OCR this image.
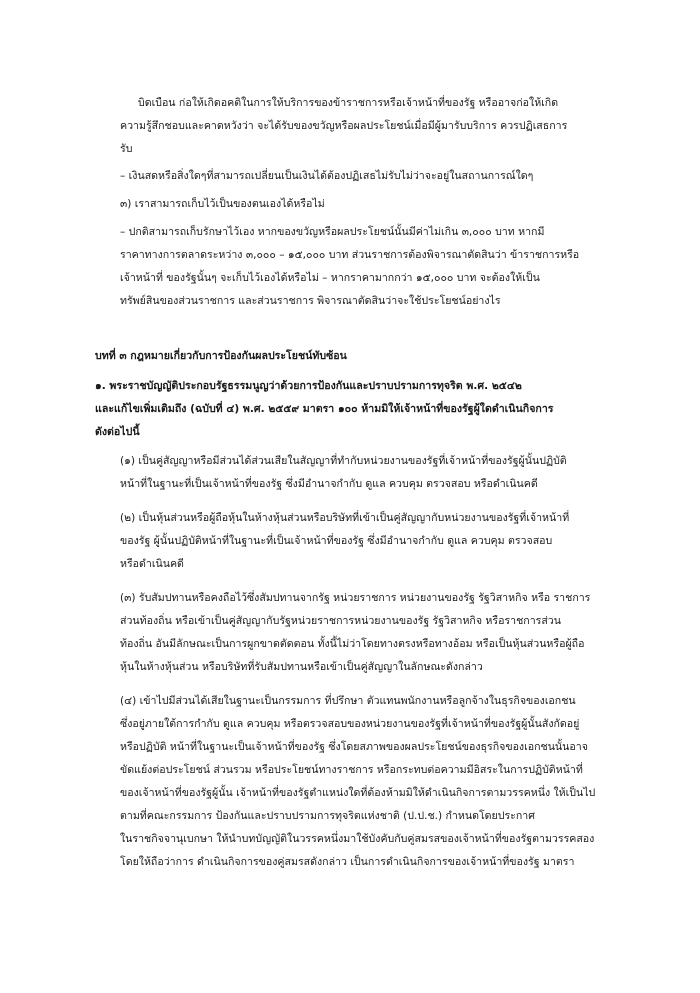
บิดเบือน ก่อให้เกิดอคติในการให้บริการของข้าราชการหรือเจ้าหน้าที่ของรัฐ หรืออาจก่อให้เกิด
ความรู้สึกชอบและคาดหวังว่า จะได้รับของขวัญหรือผลประโยชน์เมื่อมีผู้มารับบริการ ควรปฏิเสธการ
รับ
– เงินสดหรือสิ่งใดๆที่สามารถเปลี่ยนเป็นเงินได้ต้องปฏิเสธไม่รับไม่ว่าจะอยู่ในสถานการณ์ใดๆ
๓) เราสามารถเก็บไว้เป็นของตนเองได้หรือไม่
– ปกติสามารถเก็บรักษาไว้เอง หากของขวัญหรือผลประโยชน์นั้นมีค่าไม่เกิน ๓,๐๐๐ บาท หากมี
ราคาทางการตลาดระหว่าง ๓,๐๐๐ – ๑๕,๐๐๐ บาท ส่วนราชการต้องพิจารณาตัดสินว่า ข้าราชการหรือ
เจ้าหน้าที่ ของรัฐนั้นๆ จะเก็บไว้เองได้หรือไม่ – หากราคามากกว่า ๑๕,๐๐๐ บาท จะต้องให้เป็น
ทรัพย์สินของส่วนราชการ และส่วนราชการ พิจารณาตัดสินว่าจะใช้ประโยชน์อย่างไร
บทที่ ๓ กฎหมายเกี่ยวกับการป้องกันผลประโยชน์ทับซ้อน
๑. พระราชบัญญัติประกอบรัฐธรรมนูญว่าด้วยการป้องกันและปราบปรามการทุจริต พ.ศ. ๒๕๔๒
และแก้ไขเพิ่มเติมถึง (ฉบับที่ ๔) พ.ศ. ๒๕๕๙ มาตรา ๑๐๐ ห้ามมิให้เจ้าหน้าที่ของรัฐผู้ใดดำเนินกิจการ
ดังต่อไปนี้
(๑) เป็นคู่สัญญาหรือมีส่วนได้ส่วนเสียในสัญญาที่ทำกับหน่วยงานของรัฐที่เจ้าหน้าที่ของรัฐผู้นั้นปฏิบัติ
หน้าที่ในฐานะที่เป็นเจ้าหน้าที่ของรัฐ ซึ่งมีอำนาจกำกับ ดูแล ควบคุม ตรวจสอบ หรือดำเนินคดี
(๒) เป็นหุ้นส่วนหรือผู้ถือหุ้นในห้างหุ้นส่วนหรือบริษัทที่เข้าเป็นคู่สัญญากับหน่วยงานของรัฐที่เจ้าหน้าที่
ของรัฐ ผู้นั้นปฏิบัติหน้าที่ในฐานะที่เป็นเจ้าหน้าที่ของรัฐ ซึ่งมีอำนาจกำกับ ดูแล ควบคุม ตรวจสอบ
หรือดำเนินคดี
(๓) รับสัมปทานหรือคงถือไว้ซึ่งสัมปทานจากรัฐ หน่วยราชการ หน่วยงานของรัฐ รัฐวิสาหกิจ หรือ ราชการ
ส่วนท้องถิ่น หรือเข้าเป็นคู่สัญญากับรัฐหน่วยราชการหน่วยงานของรัฐ รัฐวิสาหกิจ หรือราชการส่วน
ท้องถิ่น อันมีลักษณะเป็นการผูกขาดตัดตอน ทั้งนี้ไม่ว่าโดยทางตรงหรือทางอ้อม หรือเป็นหุ้นส่วนหรือผู้ถือ
หุ้นในห้างหุ้นส่วน หรือบริษัทที่รับสัมปทานหรือเข้าเป็นคู่สัญญาในลักษณะดังกล่าว
(๔) เข้าไปมีส่วนได้เสียในฐานะเป็นกรรมการ ที่ปรึกษา ตัวแทนพนักงานหรือลูกจ้างในธุรกิจของเอกชน
ซึ่งอยู่ภายใต้การกำกับ ดูแล ควบคุม หรือตรวจสอบของหน่วยงานของรัฐที่เจ้าหน้าที่ของรัฐผู้นั้นสังกัดอยู่
หรือปฏิบัติ หน้าที่ในฐานะเป็นเจ้าหน้าที่ของรัฐ ซึ่งโดยสภาพของผลประโยชน์ของธุรกิจของเอกชนนั้นอาจ
ขัดแย้งต่อประโยชน์ ส่วนรวม หรือประโยชน์ทางราชการ หรือกระทบต่อความมีอิสระในการปฏิบัติหน้าที่
ของเจ้าหน้าที่ของรัฐผู้นั้น เจ้าหน้าที่ของรัฐตำแหน่งใดที่ต้องห้ามมิให้ดำเนินกิจการตามวรรคหนึ่ง ให้เป็นไป
ตามที่คณะกรรมการ ป้องกันและปราบปรามการทุจริตแห่งชาติ (ป.ป.ช.) กำหนดโดยประกาศ
ในราชกิจจานุเบกษา ให้นำบทบัญญัติในวรรคหนึ่งมาใช้บังคับกับคู่สมรสของเจ้าหน้าที่ของรัฐตามวรรคสอง
โดยให้ถือว่าการ ดำเนินกิจการของคู่สมรสดังกล่าว เป็นการดำเนินกิจการของเจ้าหน้าที่ของรัฐ มาตรา
